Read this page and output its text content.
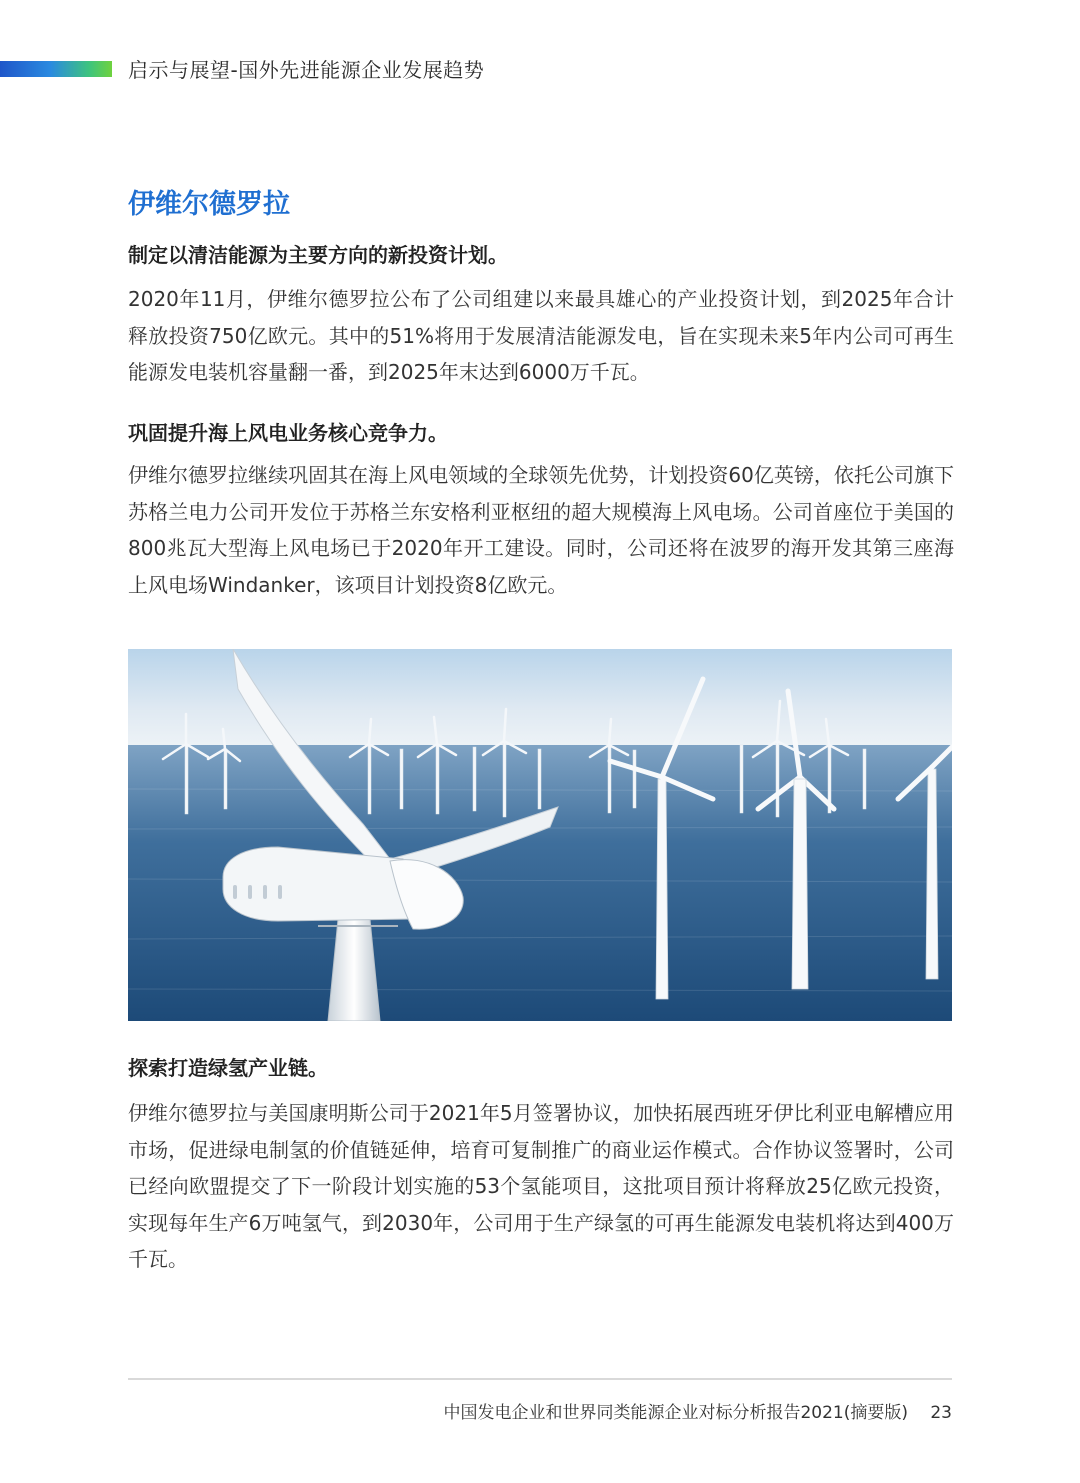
启示与展望-国外先进能源企业发展趋势
伊维尔德罗拉
制定以清洁能源为主要方向的新投资计划。

2020年11月，伊维尔德罗拉公布了公司组建以来最具雄心的产业投资计划，到2025年合计释放投资750亿欧元。其中的51%将用于发展清洁能源发电，旨在实现未来5年内公司可再生能源发电装机容量翻一番，到2025年末达到6000万千瓦。

巩固提升海上风电业务核心竞争力。

伊维尔德罗拉继续巩固其在海上风电领域的全球领先优势，计划投资60亿英镑，依托公司旗下苏格兰电力公司开发位于苏格兰东安格利亚枢纽的超大规模海上风电场。公司首座位于美国的800兆瓦大型海上风电场已于2020年开工建设。同时，公司还将在波罗的海开发其第三座海上风电场Windanker，该项目计划投资8亿欧元。

探索打造绿氢产业链。

伊维尔德罗拉与美国康明斯公司于2021年5月签署协议，加快拓展西班牙伊比利亚电解槽应用市场，促进绿电制氢的价值链延伸，培育可复制推广的商业运作模式。合作协议签署时，公司已经向欧盟提交了下一阶段计划实施的53个氢能项目，这批项目预计将释放25亿欧元投资，实现每年生产6万吨氢气，到2030年，公司用于生产绿氢的可再生能源发电装机将达到400万千瓦。

中国发电企业和世界同类能源企业对标分析报告2021(摘要版)	23
